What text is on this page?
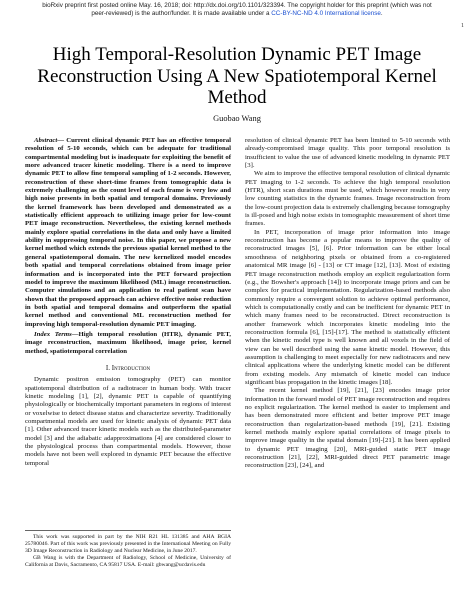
bioRxiv preprint first posted online May. 16, 2018; doi: http://dx.doi.org/10.1101/323394. The copyright holder for this preprint (which was not
peer-reviewed) is the author/funder. It is made available under a CC-BY-NC-ND 4.0 International license.
1
High Temporal-Resolution Dynamic PET Image Reconstruction Using A New Spatiotemporal Kernel Method
Guobao Wang

Abstract— Current clinical dynamic PET has an effective temporal resolution of 5-10 seconds, which can be adequate for traditional compartmental modeling but is inadequate for exploiting the benefit of more advanced tracer kinetic modeling. There is a need to improve dynamic PET to allow fine temporal sampling of 1-2 seconds. However, reconstruction of these short-time frames from tomographic data is extremely challenging as the count level of each frame is very low and high noise presents in both spatial and temporal domains. Previously the kernel framework has been developed and demonstrated as a statistically efficient approach to utilizing image prior for low-count PET image reconstruction. Nevertheless, the existing kernel methods mainly explore spatial correlations in the data and only have a limited ability in suppressing temporal noise. In this paper, we propose a new kernel method which extends the previous spatial kernel method to the general spatiotemporal domain. The new kernelized model encodes both spatial and temporal correlations obtained from image prior information and is incorporated into the PET forward projection model to improve the maximum likelihood (ML) image reconstruction. Computer simulations and an application to real patient scan have shown that the proposed approach can achieve effective noise reduction in both spatial and temporal domains and outperform the spatial kernel method and conventional ML reconstruction method for improving high temporal-resolution dynamic PET imaging.

Index Terms—High temporal resolution (HTR), dynamic PET, image reconstruction, maximum likelihood, image prior, kernel method, spatiotemporal correlation

I. Introduction

Dynamic positron emission tomography (PET) can monitor spatiotemporal distribution of a radiotracer in human body. With tracer kinetic modeling [1], [2], dynamic PET is capable of quantifying physiologically or biochemically important parameters in regions of interest or voxelwise to detect disease status and characterize severity. Traditionally compartmental models are used for kinetic analysis of dynamic PET data [1]. Other advanced tracer kinetic models such as the distributed-parameter model [3] and the adiabatic adapproximations [4] are considered closer to the physiological process than compartmental models. However, those models have not been well explored in dynamic PET because the effective temporal

This work was supported in part by the NIH R21 HL 131385 and AHA BGIA 25780046. Part of this work was previously presented in the International Meeting on Fully 3D Image Reconstruction in Radiology and Nuclear Medicine, in June 2017.

GB Wang is with the Department of Radiology, School of Medicine, University of California at Davis, Sacramento, CA 95817 USA. E-mail: gbwang@ucdavis.edu

resolution of clinical dynamic PET has been limited to 5-10 seconds with already-compromised image quality. This poor temporal resolution is insufficient to value the use of advanced kinetic modeling in dynamic PET [3].

We aim to improve the effective temporal resolution of clinical dynamic PET imaging to 1-2 seconds. To achieve the high temporal resolution (HTR), short scan durations must be used, which however results in very low counting statistics in the dynamic frames. Image reconstruction from the low-count projection data is extremely challenging because tomography is ill-posed and high noise exists in tomographic measurement of short time frames.

In PET, incorporation of image prior information into image reconstruction has become a popular means to improve the quality of reconstructed images [5], [6]. Prior information can be either local smoothness of neighboring pixels or obtained from a co-registered anatomical MR image [6] - [13] or CT image [12], [13]. Most of existing PET image reconstruction methods employ an explicit regularization form (e.g., the Bowsher's approach [14]) to incorporate image priors and can be complex for practical implementation. Regularization-based methods also commonly require a convergent solution to achieve optimal performance, which is computationally costly and can be inefficient for dynamic PET in which many frames need to be reconstructed. Direct reconstruction is another framework which incorporates kinetic modeling into the reconstruction formula [6], [15]-[17]. The method is statistically efficient when the kinetic model type is well known and all voxels in the field of view can be well described using the same kinetic model. However, this assumption is challenging to meet especially for new radiotracers and new clinical applications where the underlying kinetic model can be different from existing models. Any mismatch of kinetic model can induce significant bias propagation in the kinetic images [18].

The recent kernel method [19], [21], [23] encodes image prior information in the forward model of PET image reconstruction and requires no explicit regularization. The kernel method is easier to implement and has been demonstrated more efficient and better improve PET image reconstruction than regularization-based methods [19], [21]. Existing kernel methods mainly explore spatial correlations of image pixels to improve image quality in the spatial domain [19]-[21]. It has been applied to dynamic PET imaging [20], MRI-guided static PET image reconstruction [21], [22], MRI-guided direct PET parametric image reconstruction [23], [24], and
